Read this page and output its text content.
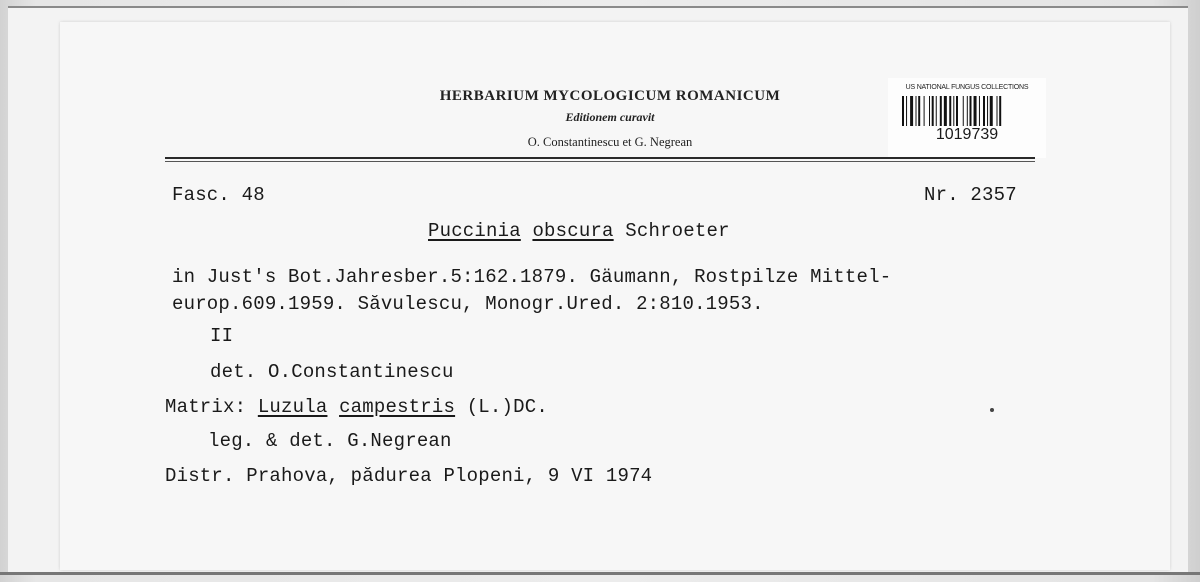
HERBARIUM MYCOLOGICUM ROMANICUM
Editionem curavit
O. Constantinescu et G. Negrean
US NATIONAL FUNGUS COLLECTIONS
1019739
Fasc. 48	Nr. 2357
Puccinia obscura Schroeter
in Just's Bot.Jahresber.5:162.1879. Gäumann, Rostpilze Mittel-
europ.609.1959. Săvulescu, Monogr.Ured. 2:810.1953.
II
det. O.Constantinescu
Matrix: Luzula campestris (L.)DC.
leg. & det. G.Negrean
Distr. Prahova, pădurea Plopeni, 9 VI 1974
